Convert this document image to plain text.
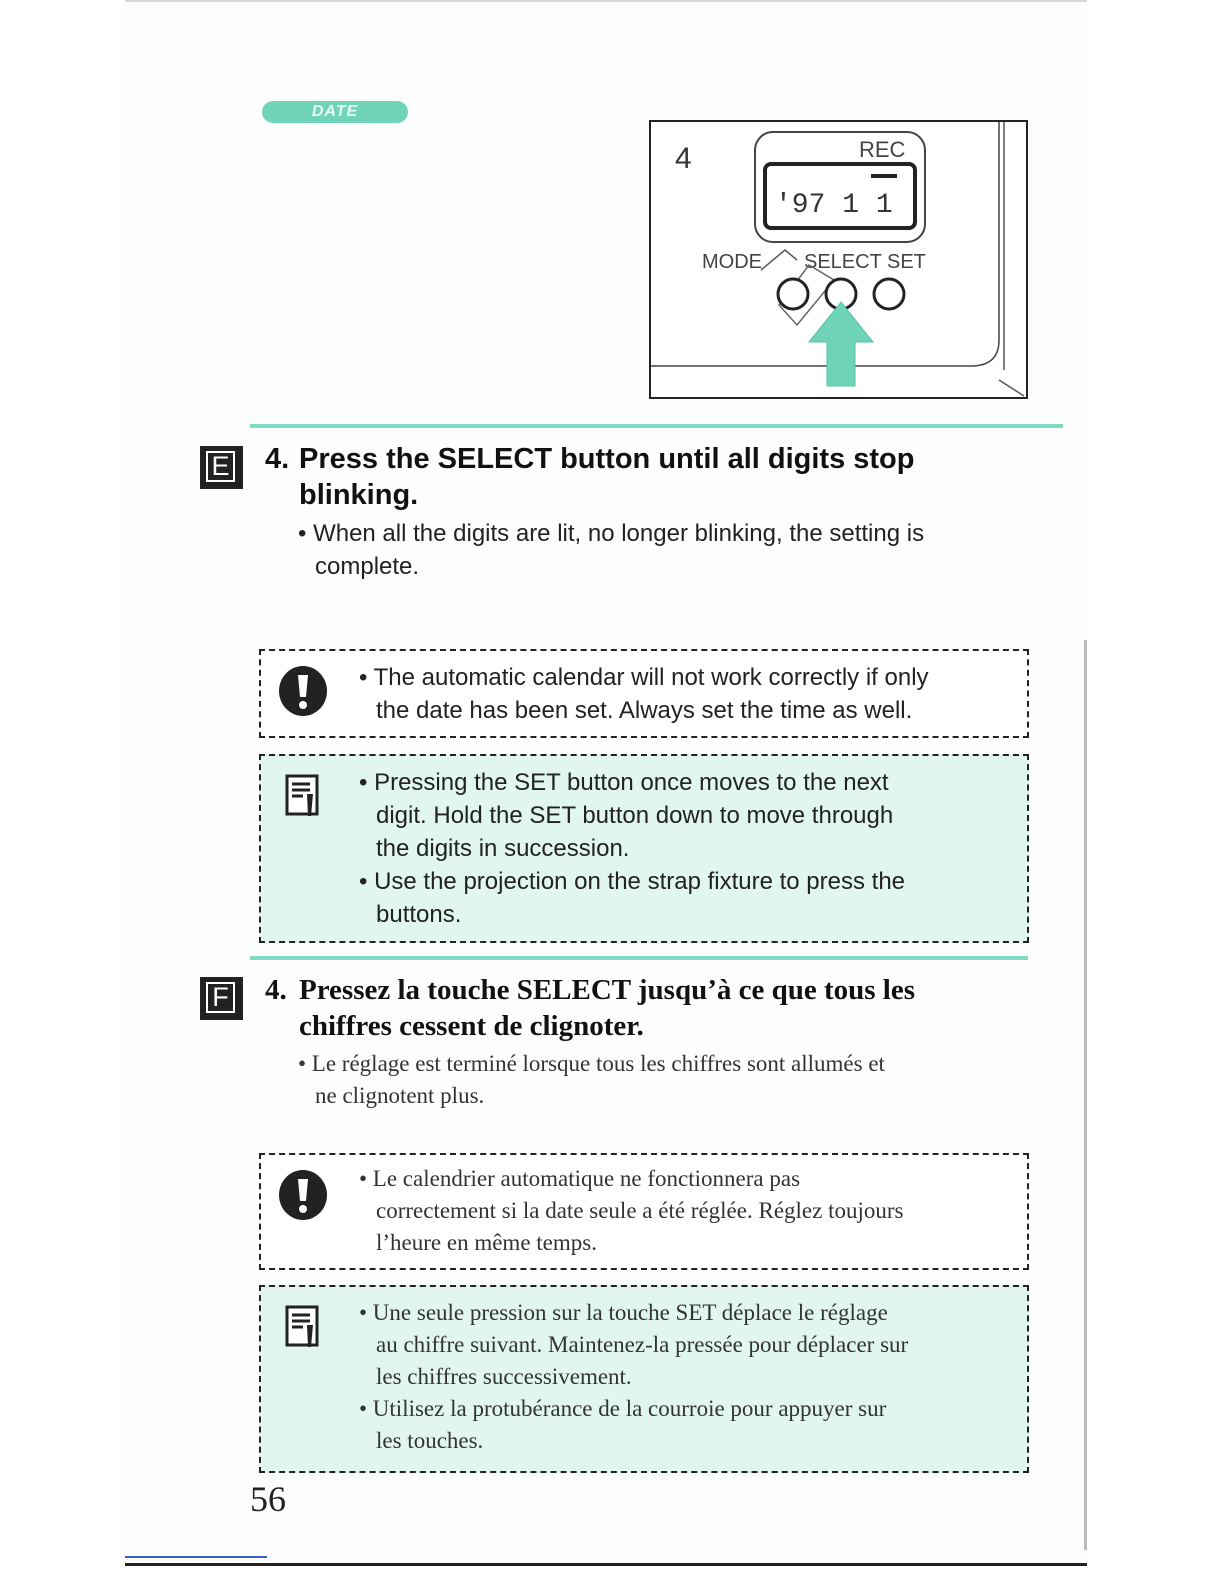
DATE
4	REC
'97 1 1
MODE SELECT SET
E 4. Press the SELECT button until all digits stop
blinking.
• When all the digits are lit, no longer blinking, the setting is

complete.
• The automatic calendar will not work correctly if only
the date has been set. Always set the time as well.
• Pressing the SET button once moves to the next

digit. Hold the SET button down to move through
the digits in succession.
• Use the projection on the strap fixture to press the

buttons.
F 4. Pressez la touche SELECT jusqu’à ce que tous les
chiffres cessent de clignoter.
• Le réglage est terminé lorsque tous les chiffres sont allumés et

ne clignotent plus.
• Le calendrier automatique ne fonctionnera pas

correctement si la date seule a été réglée. Réglez toujours
l’heure en même temps.
• Une seule pression sur la touche SET déplace le réglage

au chiffre suivant. Maintenez-la pressée pour déplacer sur
les chiffres successivement.
• Utilisez la protubérance de la courroie pour appuyer sur

les touches.
56
